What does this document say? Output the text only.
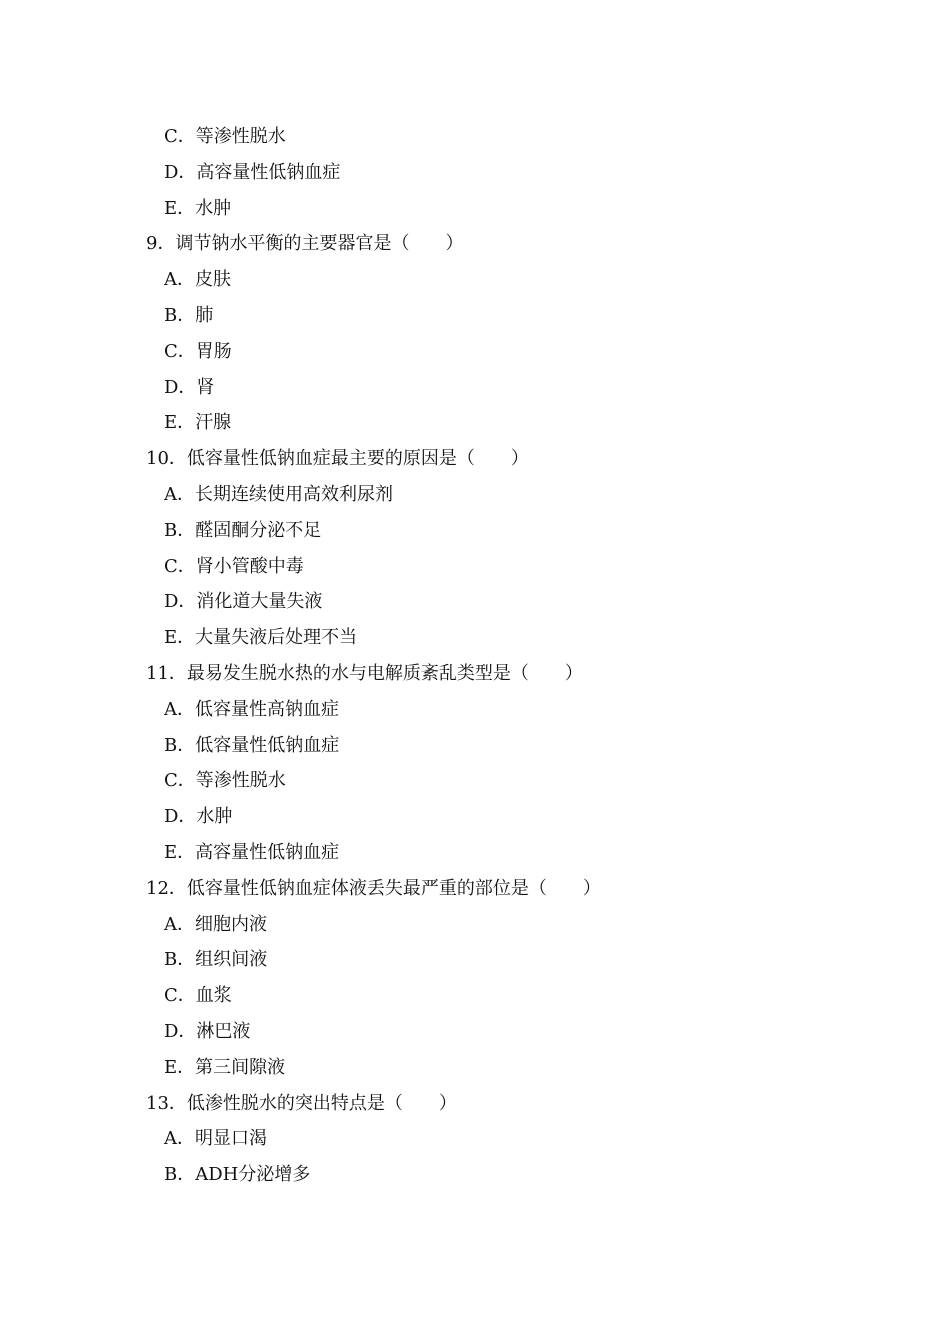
C．等渗性脱水
D．高容量性低钠血症
E．水肿
9．调节钠水平衡的主要器官是（　　）
A．皮肤
B．肺
C．胃肠
D．肾
E．汗腺
10．低容量性低钠血症最主要的原因是（　　）
A．长期连续使用高效利尿剂
B．醛固酮分泌不足
C．肾小管酸中毒
D．消化道大量失液
E．大量失液后处理不当
11．最易发生脱水热的水与电解质紊乱类型是（　　）
A．低容量性高钠血症
B．低容量性低钠血症
C．等渗性脱水
D．水肿
E．高容量性低钠血症
12．低容量性低钠血症体液丢失最严重的部位是（　　）
A．细胞内液
B．组织间液
C．血浆
D．淋巴液
E．第三间隙液
13．低渗性脱水的突出特点是（　　）
A．明显口渴
B．ADH分泌增多
